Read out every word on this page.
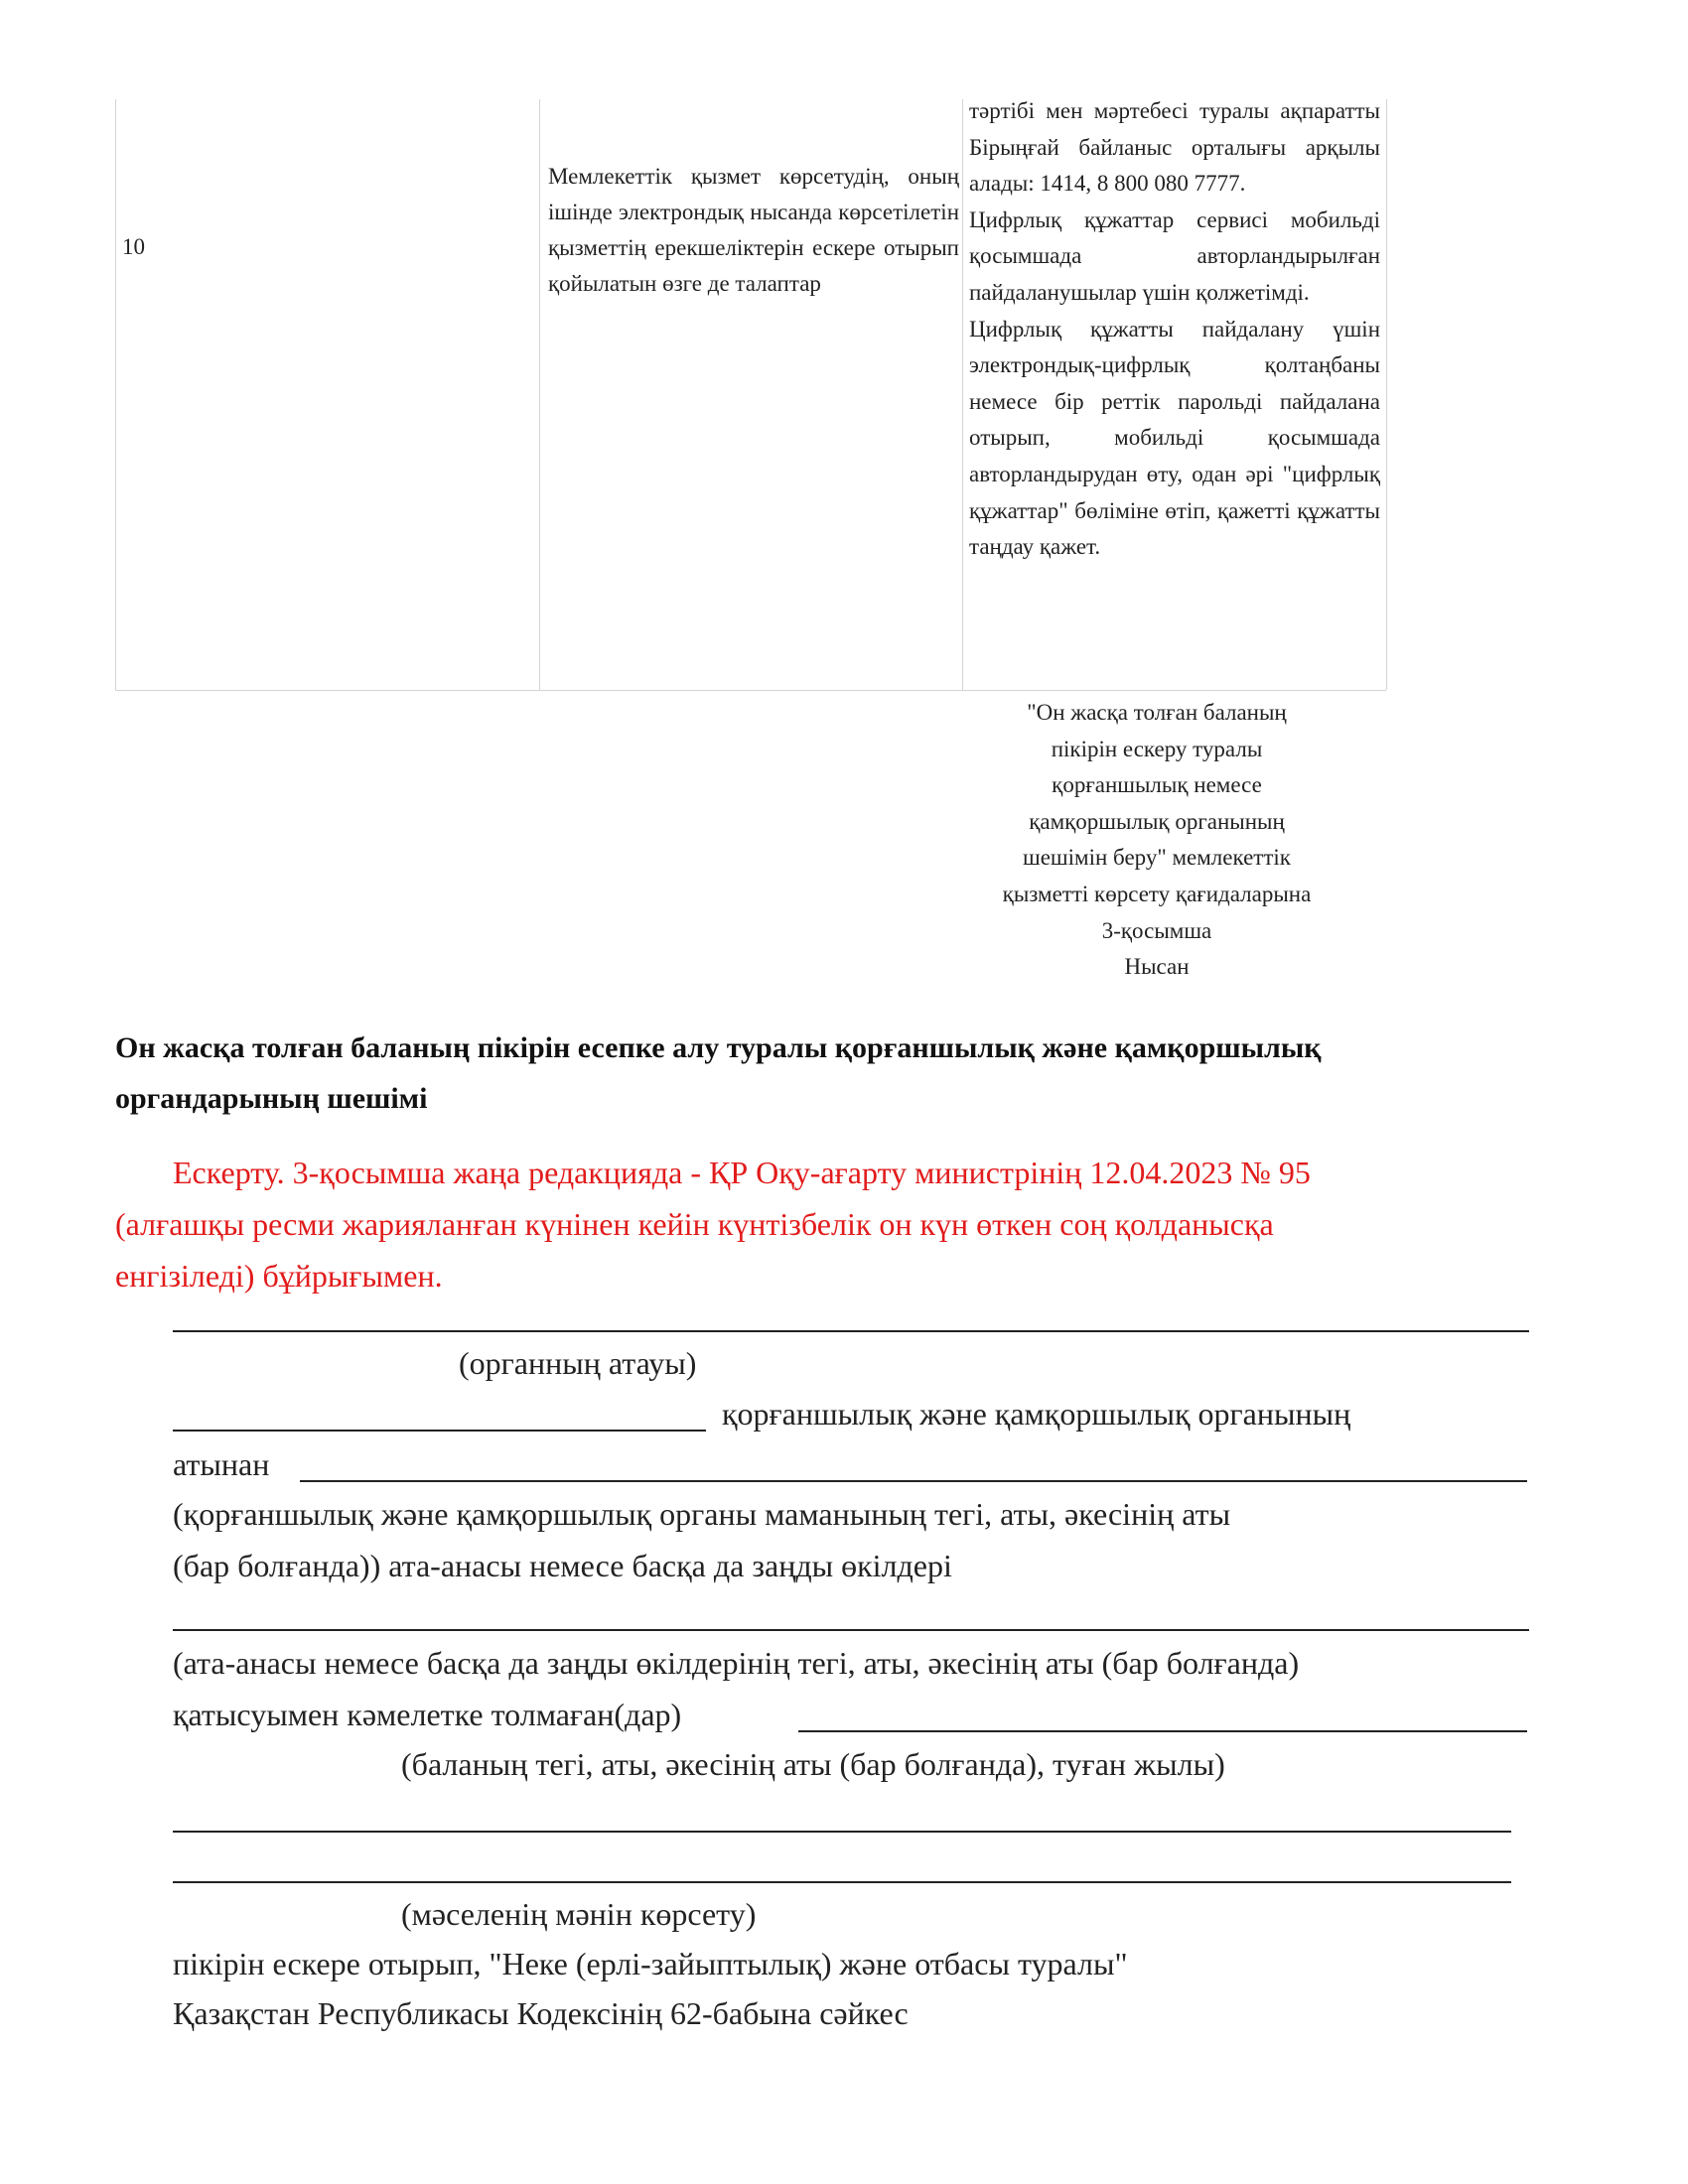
10
Мемлекеттік қызмет көрсетудің, оның ішінде электрондық нысанда көрсетілетін қызметтің ерекшеліктерін ескере отырып қойылатын өзге де талаптар

тәртібі мен мәртебесі туралы ақпаратты Бірыңғай байланыс орталығы арқылы алады: 1414, 8 800 080 7777.

Цифрлық құжаттар сервисі мобильді қосымшада авторландырылған пайдаланушылар үшін қолжетімді.

Цифрлық құжатты пайдалану үшін электрондық-цифрлық қолтаңбаны немесе бір реттік парольді пайдалана отырып, мобильді қосымшада авторландырудан өту, одан әрі "цифрлық құжаттар" бөліміне өтіп, қажетті құжатты таңдау қажет.

"Он жасқа толған баланың
пікірін ескеру туралы
қорғаншылық немесе
қамқоршылық органының
шешімін беру" мемлекеттік
қызметті көрсету қағидаларына
3-қосымша
Нысан
Он жасқа толған баланың пікірін есепке алу туралы қорғаншылық және қамқоршылық
органдарының шешімі
Ескерту. 3-қосымша жаңа редакцияда - ҚР Оқу-ағарту министрінің 12.04.2023 № 95
(алғашқы ресми жарияланған күнінен кейін күнтізбелік он күн өткен соң қолданысқа
енгізіледі) бұйрығымен.
(органның атауы)
қорғаншылық және қамқоршылық органының
атынан
(қорғаншылық және қамқоршылық органы маманының тегі, аты, әкесінің аты
(бар болғанда)) ата-анасы немесе басқа да заңды өкілдері
(ата-анасы немесе басқа да заңды өкілдерінің тегі, аты, әкесінің аты (бар болғанда)
қатысуымен кәмелетке толмаған(дар)
(баланың тегі, аты, әкесінің аты (бар болғанда), туған жылы)
(мәселенің мәнін көрсету)
пікірін ескере отырып, "Неке (ерлі-зайыптылық) және отбасы туралы"
Қазақстан Республикасы Кодексінің 62-бабына сәйкес
